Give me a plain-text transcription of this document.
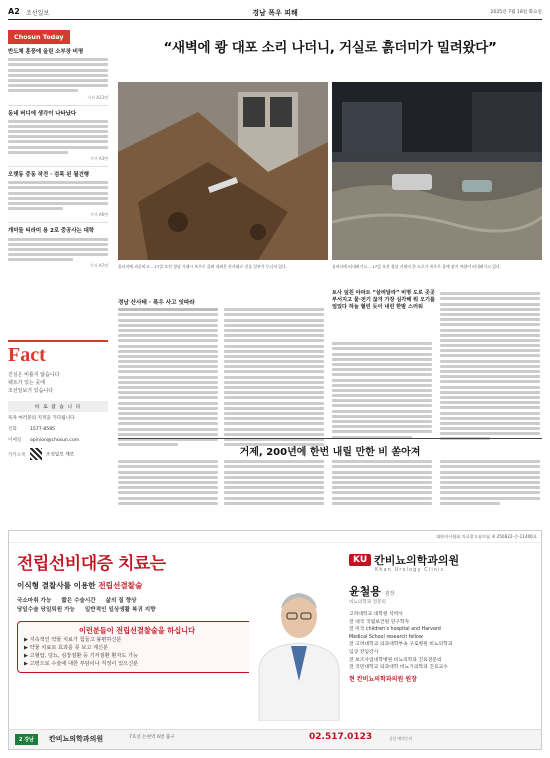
A2 조선일보	경남 폭우 피해	2025년 7월 18일 화요일
Chosun Today
반도체 훈풍에 올린 소부장 비명
기사 A23면
동네 버디에 생각이 나타났다
기사 A3면
오랫동 중동 작전 · 검목 된 될건행
기사 A6면
개미들 티라미 용 2로 중공사는 대학
기사 A7면
Fact
진실은 비틀지 않습니다
팩트가 있는 곳에
조선일보가 있습니다
바 로 잡 습 니 다
독자 여러분의 지적을 기다립니다
전화	1577-8585
이메일 opinion@chosun.com
카카오톡	조선일보 제보
“새벽에 쾅 대포 소리 나더니, 거실로 흙더미가 밀려왔다”
흙더미에 파묻히고… 17일 오전 경남 거제시 폭우로 쓸려 내려온 산사태로 건물 일부가 무너져 있다.	물바다에 떠내려가고… 17일 오전 경남 거제의 한 도로가 폭우로 물에 잠겨 차량이 떠내려가고 있다.
경남 산사태 · 폭우 사고 잇따라
토사 덮친 아파트 “살려달라” 비명 도로 곳곳 부서지고 물·전기 끊겨 가장 심각해 뭐 오기를 엄었다 하늘 혈린 듯이 내린 한밤 스러워
거제, 200년에 한번 내릴 만한 비 쏟아져
대한의사협회 의료광고심의필 제 250822-중-11406호
전립선비대증 치료는
이식형 결찰사를 이용한 전립선결찰술
국소마취 가능 짧은 수술시간 삶의 질 향상
당일수술 당일퇴원 가능 일반적인 일상생활 복귀 지향
이런분들이 전립선결찰술을 하십니다
▶ 지속적인 약물 치료가 힘들고 불편하신분
▶ 약물 치료로 효과를 못 보고 계신분
▶ 고혈압, 당뇨, 심장질환 등 기저질환 환자도 가능
▶ 고령으로 수술에 대한 부담이나 걱정이 있으신분
KU 칸비뇨의학과의원
Khan Urology Clinic
윤철용 원장
비뇨의학과 전문의
고려대학교 대학원 석박사
전 대국 국립보건원 연구학자
전 미국 children's hospital and Harvard
Medical School research fellow
전 고려대학교 의과대학부속 구로병원 비뇨의학과
임상 전임강사
전 보조사업대학병원 비뇨의학과 진료전문의
전 국민대학교 의과대학 비뇨기의학과 진료교수
현 칸비뇨의학과의원 원장
2 강남	칸비뇨의학과의원	7호선 논현역 6번 출구	02.517.0123	상담·예약문의
